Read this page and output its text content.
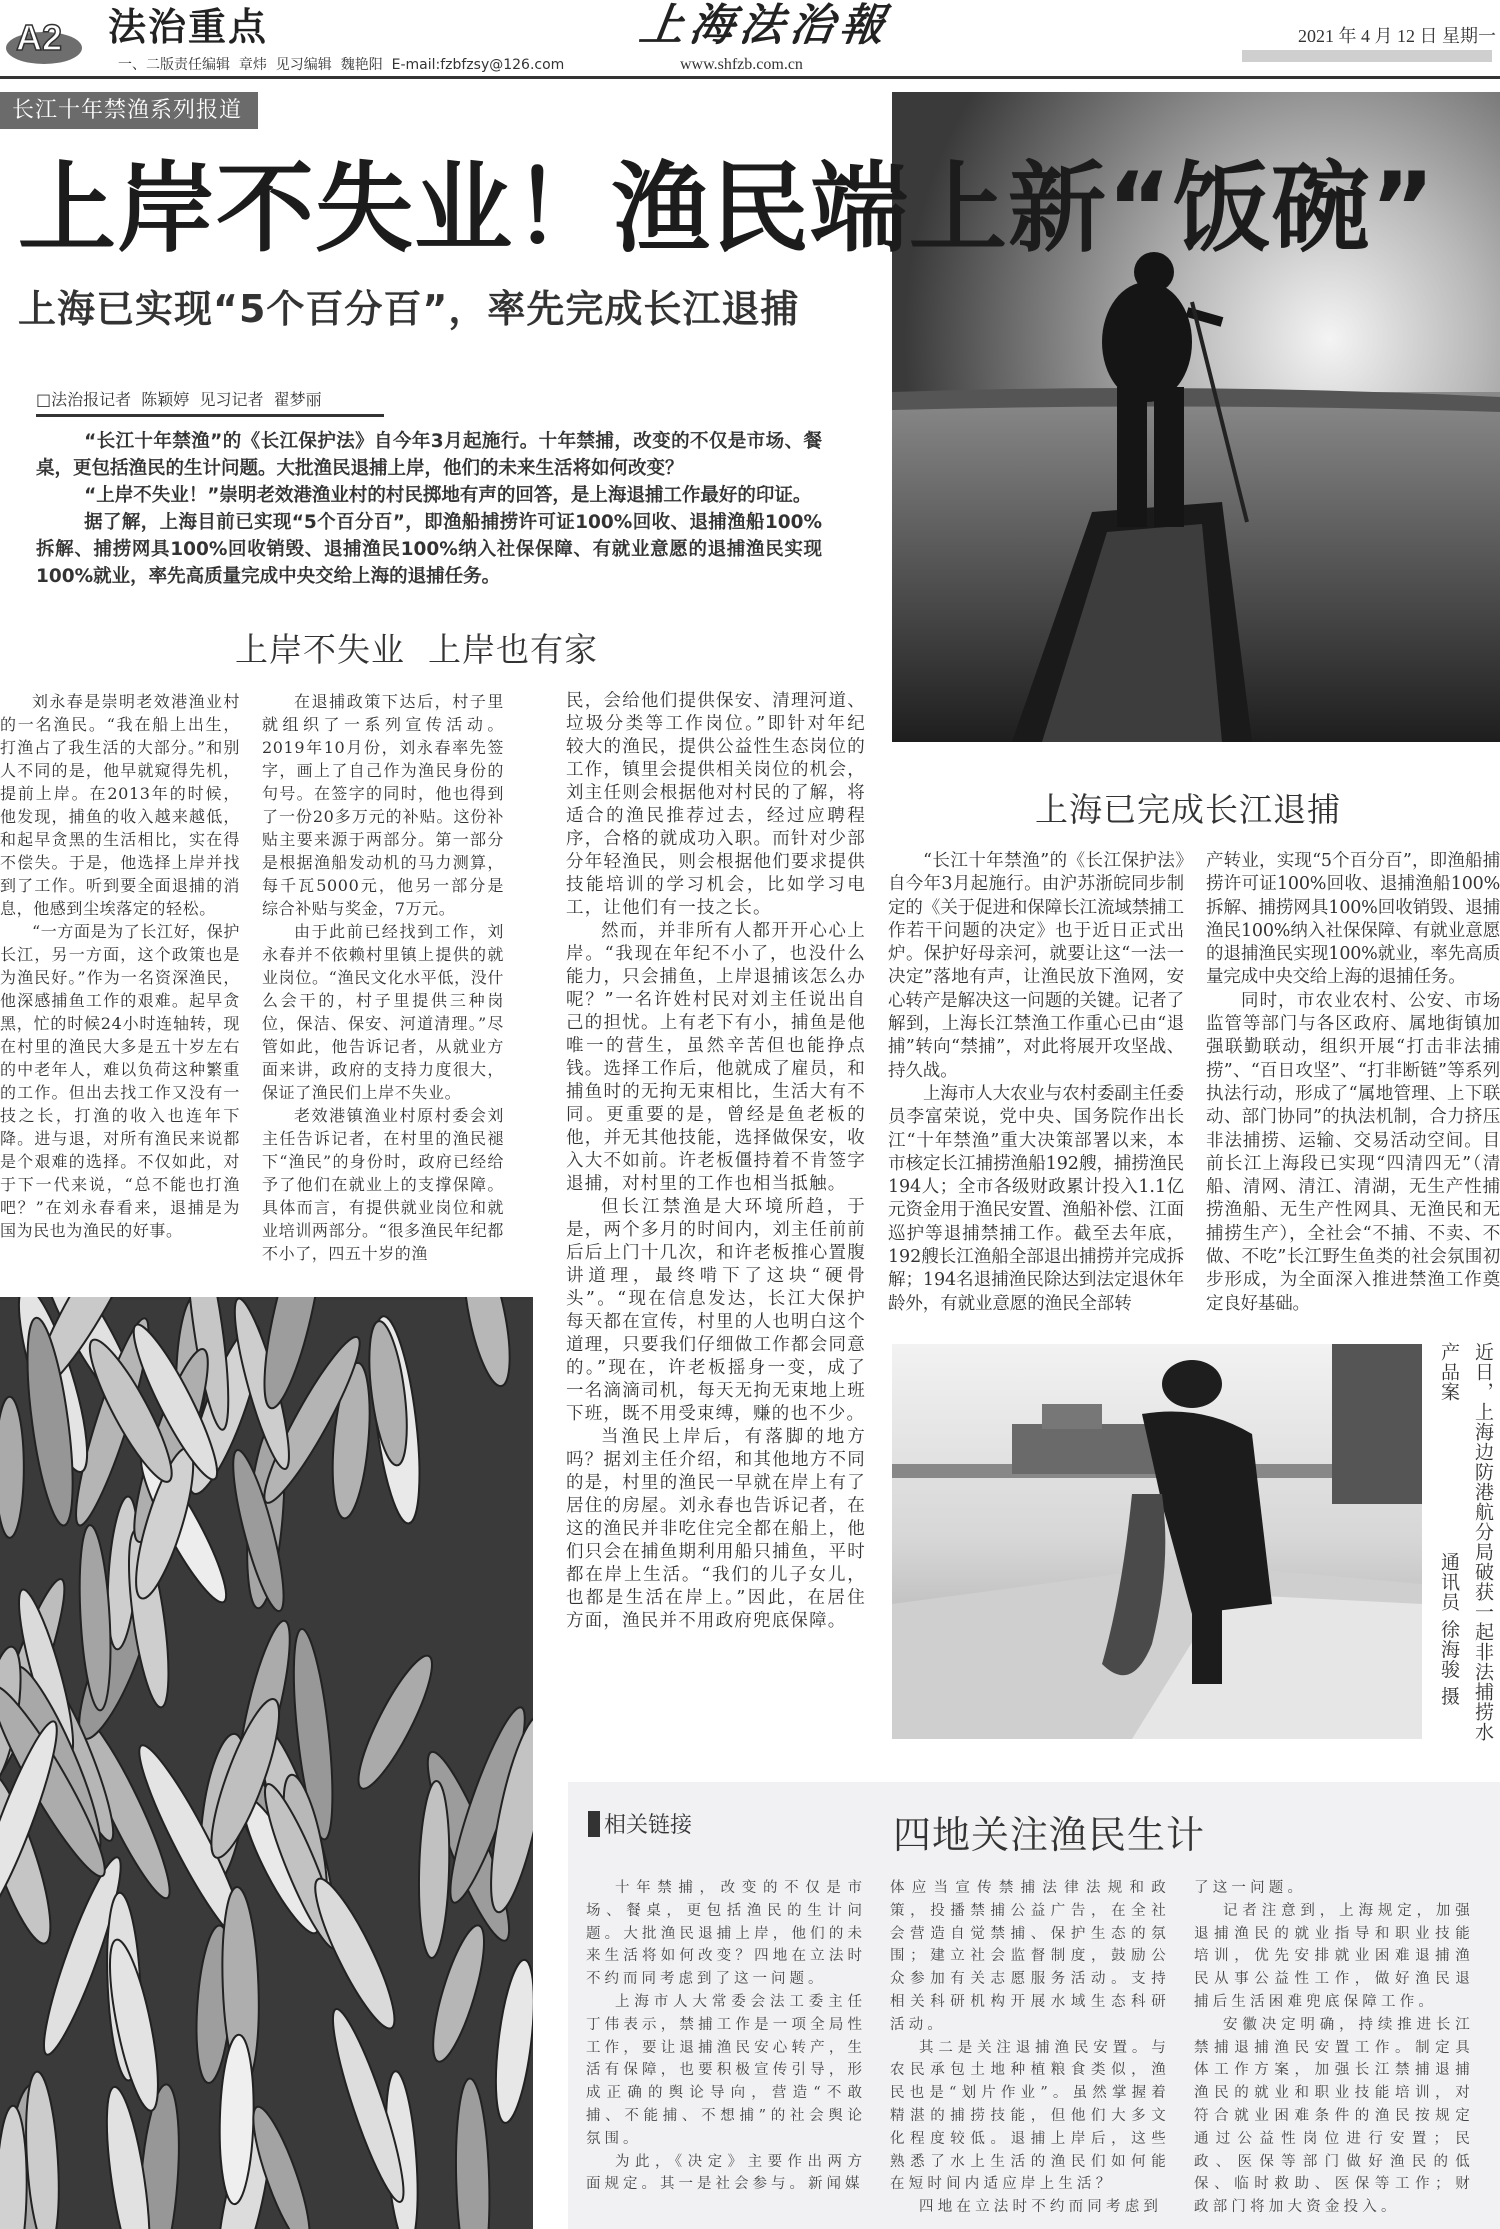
A2 法治重点	上海法治報	2021 年 4 月 12 日 星期一
一、二版责任编辑  章炜  见习编辑  魏艳阳  E-mail:fzbfzsy@126.com	www.shfzb.com.cn
长江十年禁渔系列报道
上岸不失业！渔民端上新“饭碗”
上海已实现“5个百分百”，率先完成长江退捕
□法治报记者  陈颖婷  见习记者  翟梦丽

“长江十年禁渔”的《长江保护法》自今年3月起施行。十年禁捕，改变的不仅是市场、餐桌，更包括渔民的生计问题。大批渔民退捕上岸，他们的未来生活将如何改变？

“上岸不失业！”崇明老效港渔业村的村民掷地有声的回答，是上海退捕工作最好的印证。

据了解，上海目前已实现“5个百分百”，即渔船捕捞许可证100%回收、退捕渔船100%拆解、捕捞网具100%回收销毁、退捕渔民100%纳入社保保障、有就业意愿的退捕渔民实现100%就业，率先高质量完成中央交给上海的退捕任务。

上岸不失业  上岸也有家

刘永春是崇明老效港渔业村的一名渔民。“我在船上出生，打渔占了我生活的大部分。”和别人不同的是，他早就窥得先机，提前上岸。在2013年的时候，他发现，捕鱼的收入越来越低，和起早贪黑的生活相比，实在得不偿失。于是，他选择上岸并找到了工作。听到要全面退捕的消息，他感到尘埃落定的轻松。

“一方面是为了长江好，保护长江，另一方面，这个政策也是为渔民好。”作为一名资深渔民，他深感捕鱼工作的艰难。起早贪黑，忙的时候24小时连轴转，现在村里的渔民大多是五十岁左右的中老年人，难以负荷这种繁重的工作。但出去找工作又没有一技之长，打渔的收入也连年下降。进与退，对所有渔民来说都是个艰难的选择。不仅如此，对于下一代来说，“总不能也打渔吧？”在刘永春看来，退捕是为国为民也为渔民的好事。

在退捕政策下达后，村子里就组织了一系列宣传活动。2019年10月份，刘永春率先签字，画上了自己作为渔民身份的句号。在签字的同时，他也得到了一份20多万元的补贴。这份补贴主要来源于两部分。第一部分是根据渔船发动机的马力测算，每千瓦5000元，他另一部分是综合补贴与奖金，7万元。

由于此前已经找到工作，刘永春并不依赖村里镇上提供的就业岗位。“渔民文化水平低，没什么会干的，村子里提供三种岗位，保洁、保安、河道清理。”尽管如此，他告诉记者，从就业方面来讲，政府的支持力度很大，保证了渔民们上岸不失业。

老效港镇渔业村原村委会刘主任告诉记者，在村里的渔民褪下“渔民”的身份时，政府已经给予了他们在就业上的支撑保障。具体而言，有提供就业岗位和就业培训两部分。“很多渔民年纪都不小了，四五十岁的渔

民，会给他们提供保安、清理河道、垃圾分类等工作岗位。”即针对年纪较大的渔民，提供公益性生态岗位的工作，镇里会提供相关岗位的机会，刘主任则会根据他对村民的了解，将适合的渔民推荐过去，经过应聘程序，合格的就成功入职。而针对少部分年轻渔民，则会根据他们要求提供技能培训的学习机会，比如学习电工，让他们有一技之长。

然而，并非所有人都开开心心上岸。“我现在年纪不小了，也没什么能力，只会捕鱼，上岸退捕该怎么办呢？”一名许姓村民对刘主任说出自己的担忧。上有老下有小，捕鱼是他唯一的营生，虽然辛苦但也能挣点钱。选择工作后，他就成了雇员，和捕鱼时的无拘无束相比，生活大有不同。更重要的是，曾经是鱼老板的他，并无其他技能，选择做保安，收入大不如前。许老板僵持着不肯签字退捕，对村里的工作也相当抵触。

但长江禁渔是大环境所趋，于是，两个多月的时间内，刘主任前前后后上门十几次，和许老板推心置腹讲道理，最终啃下了这块“硬骨头”。“现在信息发达，长江大保护每天都在宣传，村里的人也明白这个道理，只要我们仔细做工作都会同意的。”现在，许老板摇身一变，成了一名滴滴司机，每天无拘无束地上班下班，既不用受束缚，赚的也不少。

当渔民上岸后，有落脚的地方吗？据刘主任介绍，和其他地方不同的是，村里的渔民一早就在岸上有了居住的房屋。刘永春也告诉记者，在这的渔民并非吃住完全都在船上，他们只会在捕鱼期利用船只捕鱼，平时都在岸上生活。“我们的儿子女儿，也都是生活在岸上。”因此，在居住方面，渔民并不用政府兜底保障。

上海已完成长江退捕

“长江十年禁渔”的《长江保护法》自今年3月起施行。由沪苏浙皖同步制定的《关于促进和保障长江流域禁捕工作若干问题的决定》也于近日正式出炉。保护好母亲河，就要让这“一法一决定”落地有声，让渔民放下渔网，安心转产是解决这一问题的关键。记者了解到，上海长江禁渔工作重心已由“退捕”转向“禁捕”，对此将展开攻坚战、持久战。

上海市人大农业与农村委副主任委员李富荣说，党中央、国务院作出长江“十年禁渔”重大决策部署以来，本市核定长江捕捞渔船192艘，捕捞渔民194人；全市各级财政累计投入1.1亿元资金用于渔民安置、渔船补偿、江面巡护等退捕禁捕工作。截至去年底，192艘长江渔船全部退出捕捞并完成拆解；194名退捕渔民除达到法定退休年龄外，有就业意愿的渔民全部转

产转业，实现“5个百分百”，即渔船捕捞许可证100%回收、退捕渔船100%拆解、捕捞网具100%回收销毁、退捕渔民100%纳入社保保障、有就业意愿的退捕渔民实现100%就业，率先高质量完成中央交给上海的退捕任务。

同时，市农业农村、公安、市场监管等部门与各区政府、属地街镇加强联勤联动，组织开展“打击非法捕捞”、“百日攻坚”、“打非断链”等系列执法行动，形成了“属地管理、上下联动、部门协同”的执法机制，合力挤压非法捕捞、运输、交易活动空间。目前长江上海段已实现“四清四无”（清船、清网、清江、清湖，无生产性捕捞渔船、无生产性网具、无渔民和无捕捞生产），全社会“不捕、不卖、不做、不吃”长江野生鱼类的社会氛围初步形成，为全面深入推进禁渔工作奠定良好基础。

近日，上海边防港航分局破获一起非法捕捞水产品案通讯员 徐海骏 摄
相关链接	四地关注渔民生计

十年禁捕，改变的不仅是市场、餐桌，更包括渔民的生计问题。大批渔民退捕上岸，他们的未来生活将如何改变？四地在立法时不约而同考虑到了这一问题。

上海市人大常委会法工委主任丁伟表示，禁捕工作是一项全局性工作，要让退捕渔民安心转产，生活有保障，也要积极宣传引导，形成正确的舆论导向，营造“不敢捕、不能捕、不想捕”的社会舆论氛围。

为此，《决定》主要作出两方面规定。其一是社会参与。新闻媒

体应当宣传禁捕法律法规和政策，投播禁捕公益广告，在全社会营造自觉禁捕、保护生态的氛围；建立社会监督制度，鼓励公众参加有关志愿服务活动。支持相关科研机构开展水域生态科研活动。

其二是关注退捕渔民安置。与农民承包土地种植粮食类似，渔民也是“划片作业”。虽然掌握着精湛的捕捞技能，但他们大多文化程度较低。退捕上岸后，这些熟悉了水上生活的渔民们如何能在短时间内适应岸上生活？

四地在立法时不约而同考虑到

了这一问题。

记者注意到，上海规定，加强退捕渔民的就业指导和职业技能培训，优先安排就业困难退捕渔民从事公益性工作，做好渔民退捕后生活困难兜底保障工作。

安徽决定明确，持续推进长江禁捕退捕渔民安置工作。制定具体工作方案，加强长江禁捕退捕渔民的就业和职业技能培训，对符合就业困难条件的渔民按规定通过公益性岗位进行安置；民政、医保等部门做好渔民的低保、临时救助、医保等工作；财政部门将加大资金投入。
